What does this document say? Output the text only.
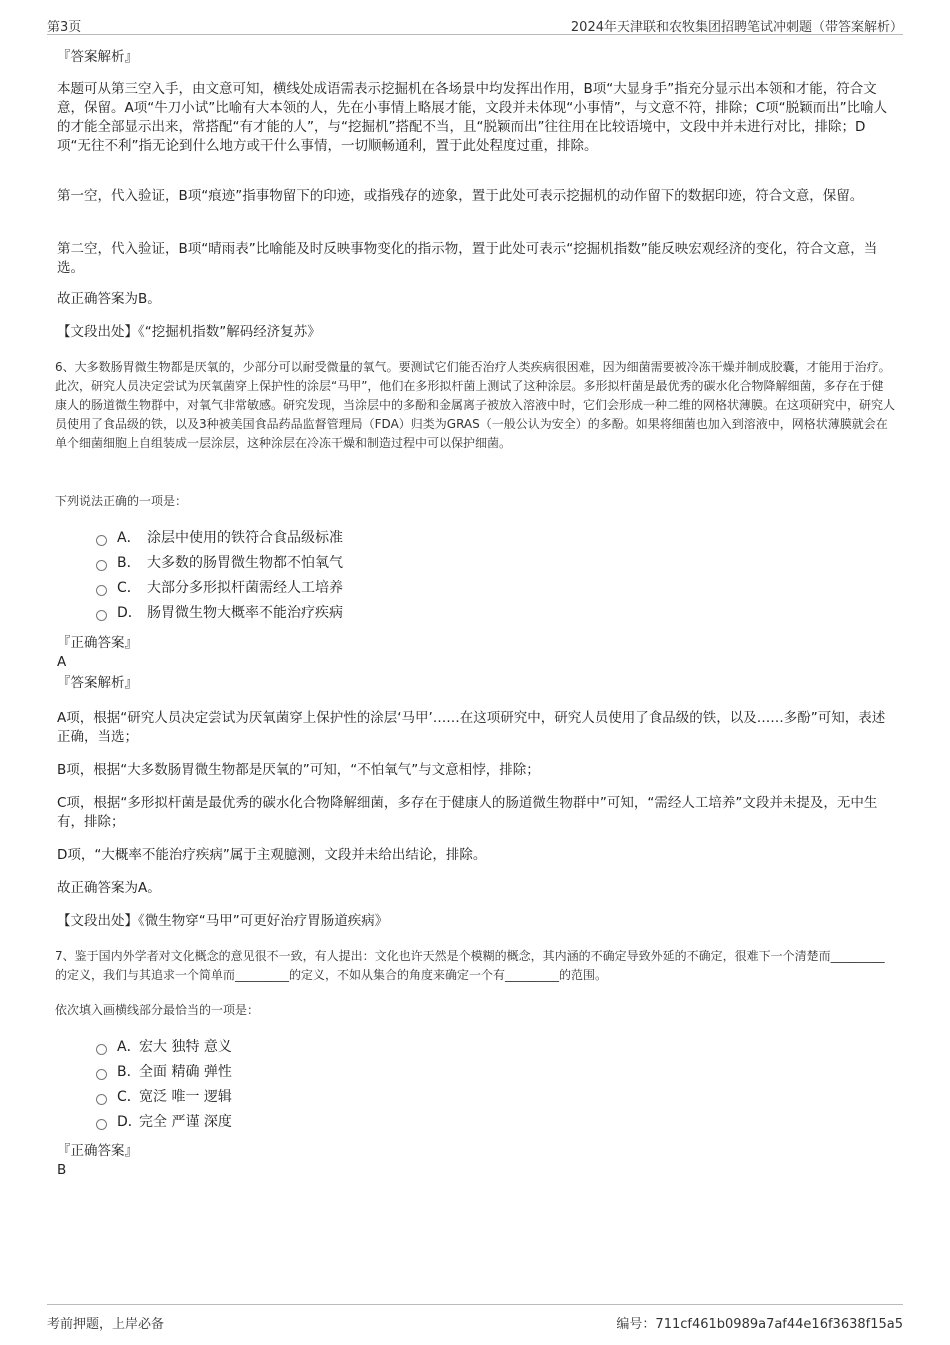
第3页	2024年天津联和农牧集团招聘笔试冲刺题（带答案解析）
『答案解析』
本题可从第三空入手，由文意可知，横线处成语需表示挖掘机在各场景中均发挥出作用，B项“大显身手”指充分显示出本领和才能，符合文意，保留。A项“牛刀小试”比喻有大本领的人，先在小事情上略展才能，文段并未体现“小事情”，与文意不符，排除；C项“脱颖而出”比喻人的才能全部显示出来，常搭配“有才能的人”，与“挖掘机”搭配不当，且“脱颖而出”往往用在比较语境中，文段中并未进行对比，排除；D项“无往不利”指无论到什么地方或干什么事情，一切顺畅通利，置于此处程度过重，排除。
第一空，代入验证，B项“痕迹”指事物留下的印迹，或指残存的迹象，置于此处可表示挖掘机的动作留下的数据印迹，符合文意，保留。
第二空，代入验证，B项“晴雨表”比喻能及时反映事物变化的指示物，置于此处可表示“挖掘机指数”能反映宏观经济的变化，符合文意，当选。
故正确答案为B。
【文段出处】《“挖掘机指数”解码经济复苏》
6、大多数肠胃微生物都是厌氧的，少部分可以耐受微量的氧气。要测试它们能否治疗人类疾病很困难，因为细菌需要被冷冻干燥并制成胶囊，才能用于治疗。此次，研究人员决定尝试为厌氧菌穿上保护性的涂层“马甲”，他们在多形拟杆菌上测试了这种涂层。多形拟杆菌是最优秀的碳水化合物降解细菌，多存在于健康人的肠道微生物群中，对氧气非常敏感。研究发现，当涂层中的多酚和金属离子被放入溶液中时，它们会形成一种二维的网格状薄膜。在这项研究中，研究人员使用了食品级的铁，以及3种被美国食品药品监督管理局（FDA）归类为GRAS（一般公认为安全）的多酚。如果将细菌也加入到溶液中，网格状薄膜就会在单个细菌细胞上自组装成一层涂层，这种涂层在冷冻干燥和制造过程中可以保护细菌。
下列说法正确的一项是：
A． 涂层中使用的铁符合食品级标准
B． 大多数的肠胃微生物都不怕氧气
C． 大部分多形拟杆菌需经人工培养
D． 肠胃微生物大概率不能治疗疾病
『正确答案』
A
『答案解析』
A项，根据“研究人员决定尝试为厌氧菌穿上保护性的涂层‘马甲’……在这项研究中，研究人员使用了食品级的铁，以及……多酚”可知，表述正确，当选；
B项，根据“大多数肠胃微生物都是厌氧的”可知，“不怕氧气”与文意相悖，排除；
C项，根据“多形拟杆菌是最优秀的碳水化合物降解细菌，多存在于健康人的肠道微生物群中”可知，“需经人工培养”文段并未提及，无中生有，排除；
D项，“大概率不能治疗疾病”属于主观臆测，文段并未给出结论，排除。
故正确答案为A。
【文段出处】《微生物穿“马甲”可更好治疗胃肠道疾病》
7、鉴于国内外学者对文化概念的意见很不一致，有人提出：文化也许天然是个模糊的概念，其内涵的不确定导致外延的不确定，很难下一个清楚而_________的定义，我们与其追求一个简单而_________的定义，不如从集合的角度来确定一个有_________的范围。
依次填入画横线部分最恰当的一项是：
A．
宏大 独特 意义
B．
全面 精确 弹性
C．
宽泛 唯一 逻辑
D．
完全 严谨 深度
『正确答案』
B
考前押题，上岸必备	编号：711cf461b0989a7af44e16f3638f15a5
